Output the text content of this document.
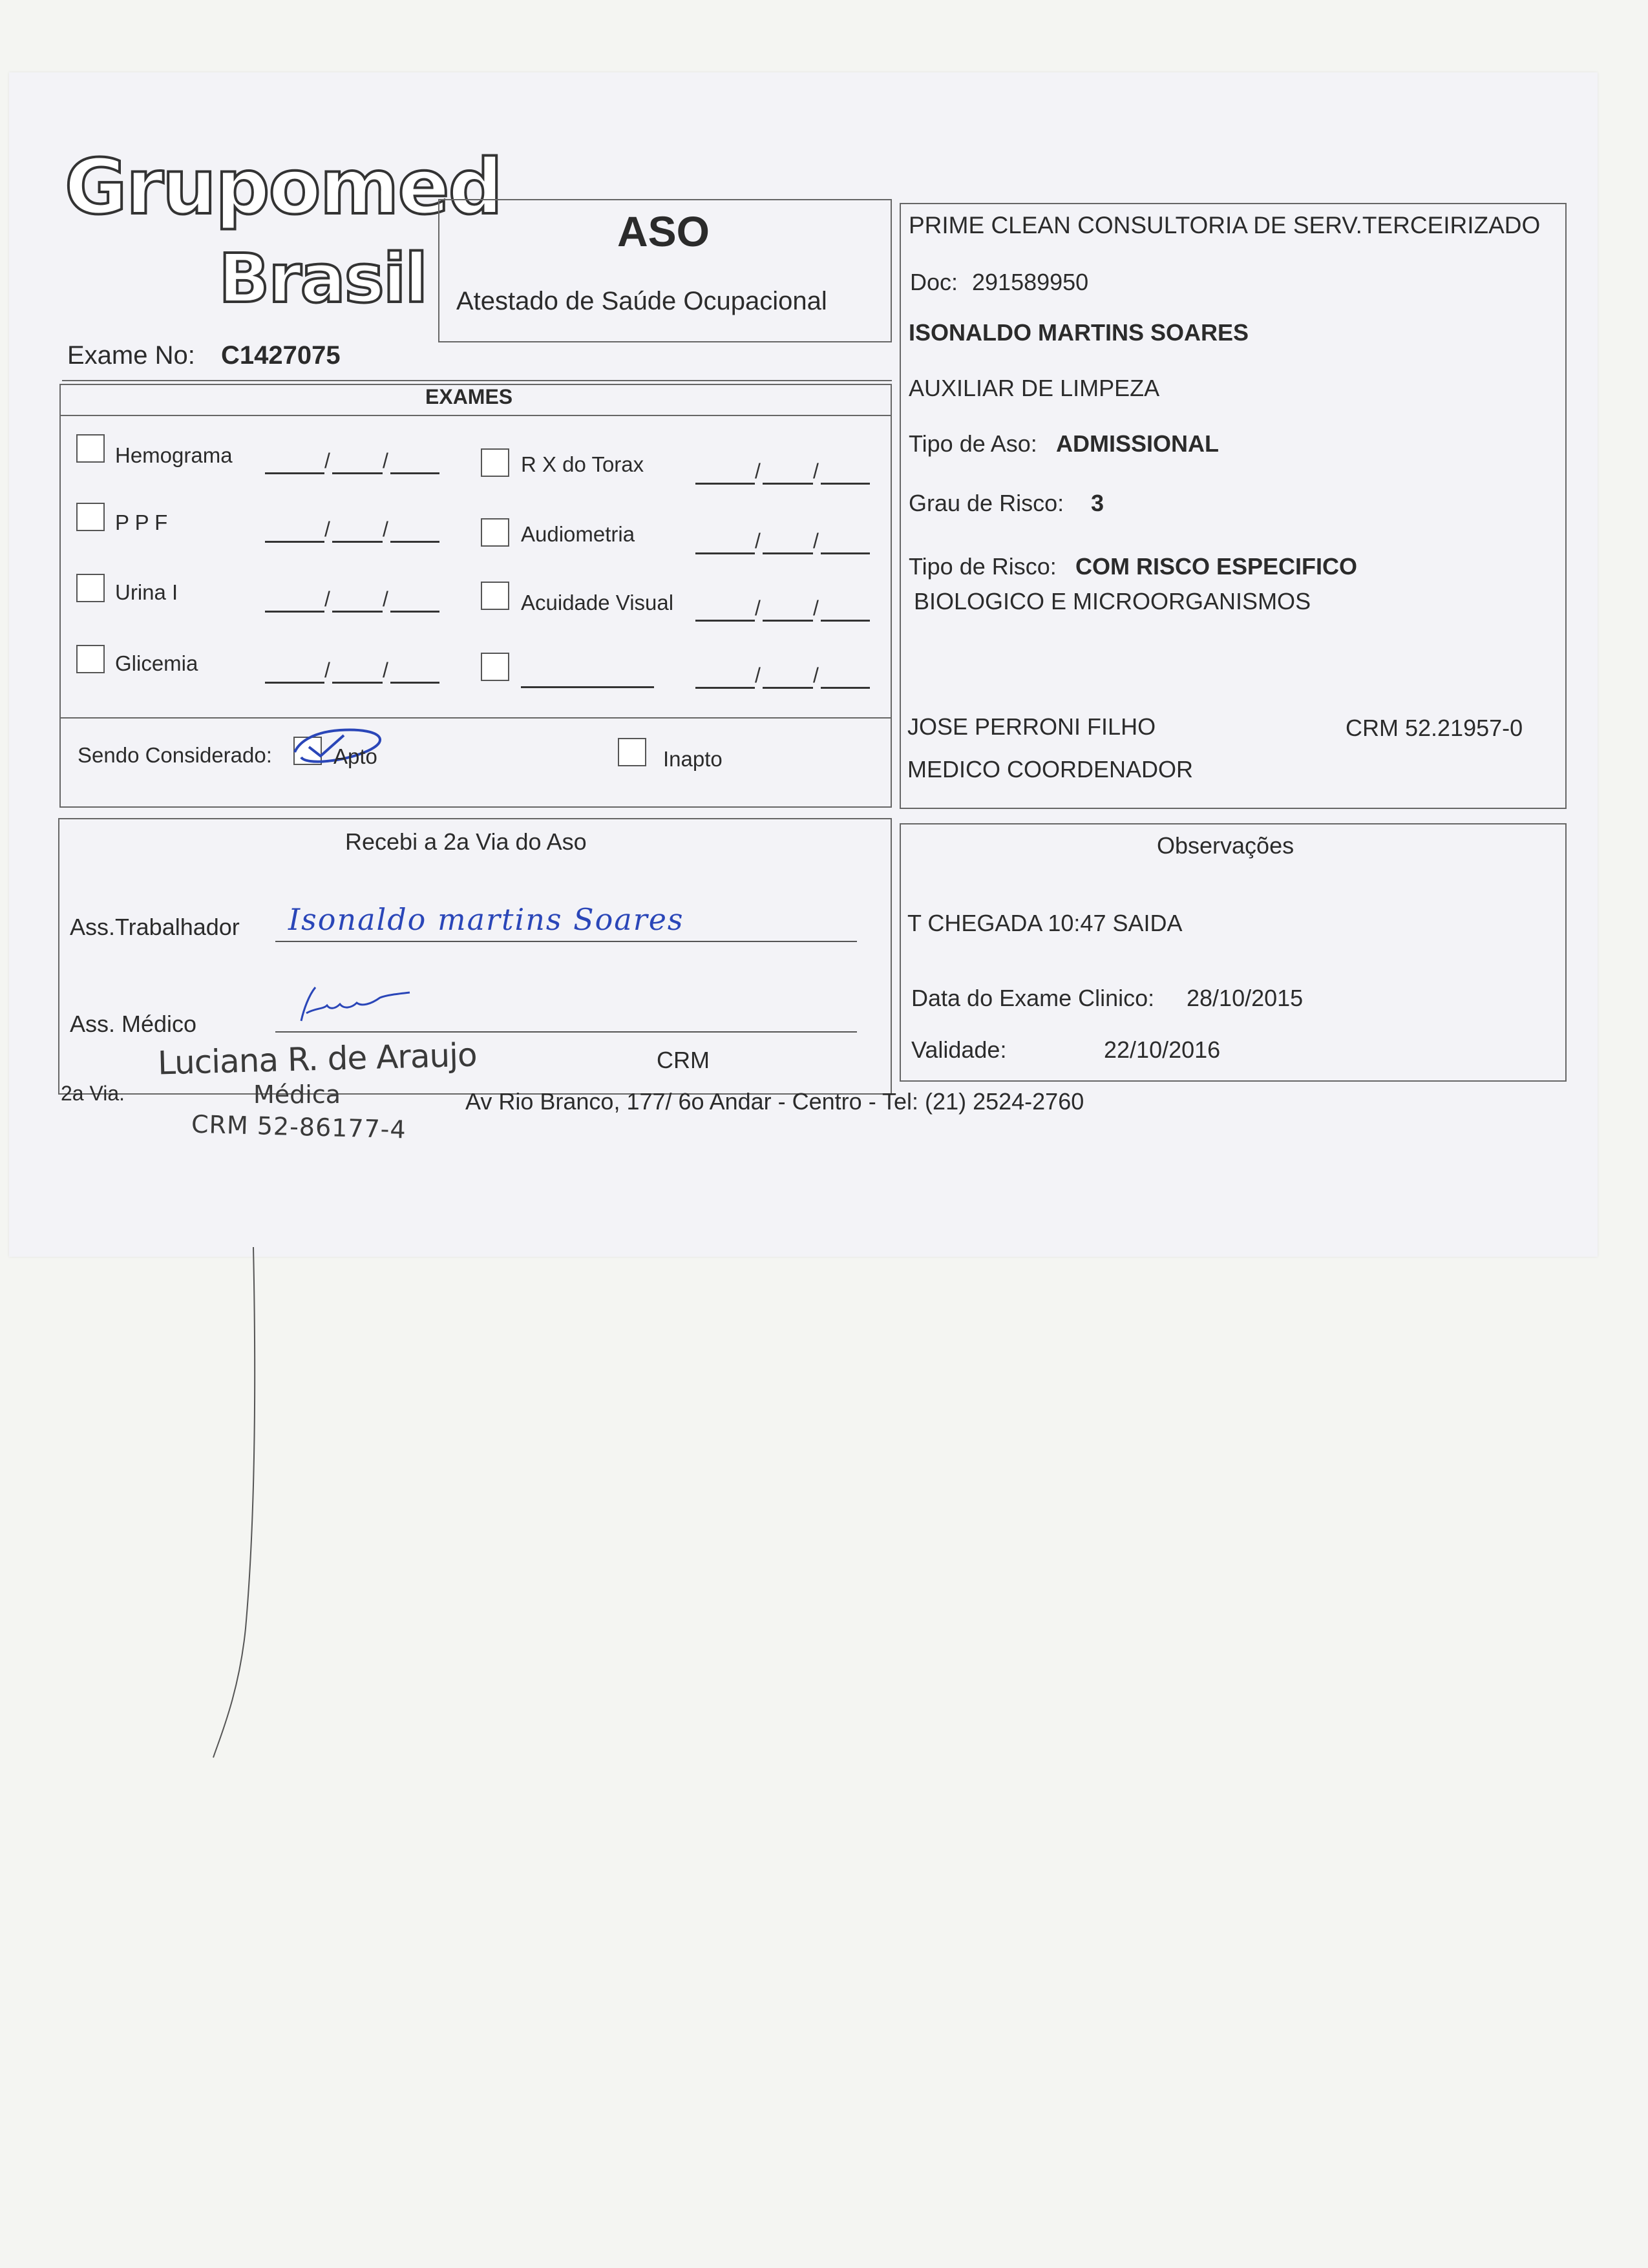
Grupomed
Brasil
ASO
Atestado de Saúde Ocupacional
Exame No: C1427075
EXAMES
Hemograma	/	/
P P F	/	/
Urina I	/	/
Glicemia	/	/
R X do Torax	/	/
Audiometria	/	/
Acuidade Visual	/	/
/	/
Sendo Considerado:	Apto	Inapto
PRIME CLEAN CONSULTORIA DE SERV.TERCEIRIZADO
Doc: 291589950
ISONALDO MARTINS SOARES
AUXILIAR DE LIMPEZA
Tipo de Aso: ADMISSIONAL
Grau de Risco: 3
Tipo de Risco: COM RISCO ESPECIFICO
BIOLOGICO E MICROORGANISMOS
JOSE PERRONI FILHO	CRM 52.21957-0
MEDICO COORDENADOR
Recebi a 2a Via do Aso
Ass.Trabalhador Isonaldo martins Soares
Ass. Médico
CRM
Luciana R. de Araujo
Médica
CRM 52-86177-4
Observações
T CHEGADA 10:47 SAIDA
Data do Exame Clinico: 28/10/2015
Validade:	22/10/2016
2a Via.	Av Rio Branco, 177/ 6o Andar - Centro - Tel: (21) 2524-2760
